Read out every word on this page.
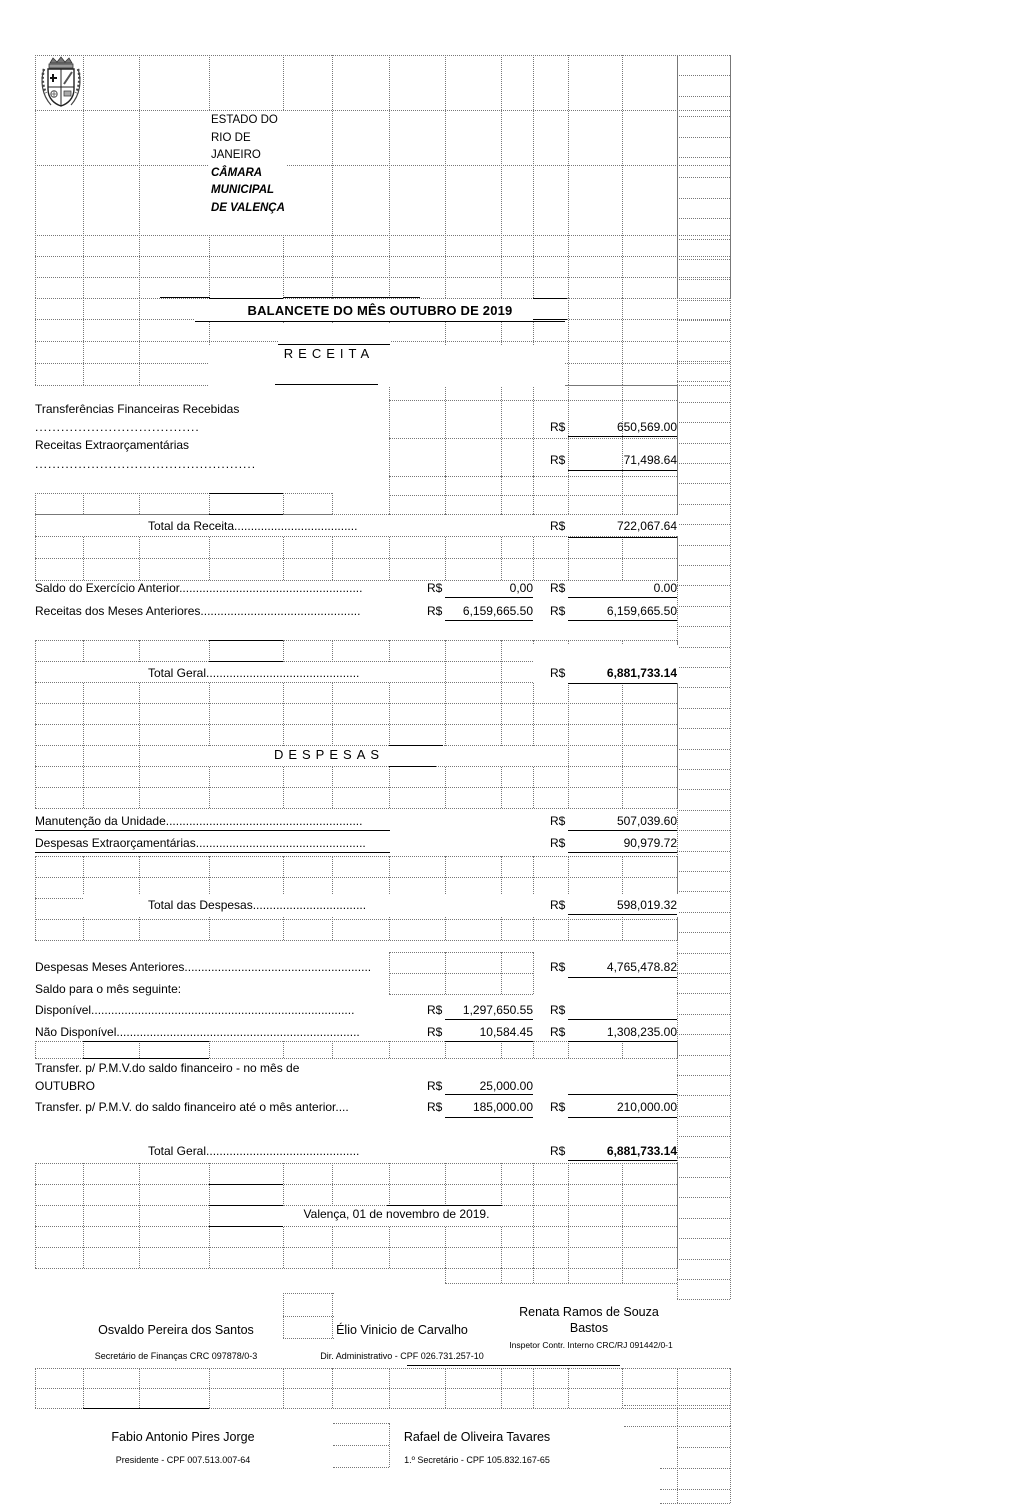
ESTADO DO RIO DE JANEIRO
CÂMARA MUNICIPAL DE VALENÇA
BALANCETE DO MÊS OUTUBRO DE 2019
RECEITA
Transferências Financeiras Recebidas
......................................	R$	650,569.00
Receitas Extraorçamentárias
...................................................	R$	71,498.64
Total da Receita.....................................	R$	722,067.64
Saldo do Exercício Anterior.......................................................	R$	0,00 R$	0.00
Receitas dos Meses Anteriores................................................	R$ 6,159,665.50 R$	6,159,665.50
Total Geral..............................................	R$	6,881,733.14
DESPESAS
Manutenção da Unidade...........................................................	R$	507,039.60
Despesas Extraorçamentárias...................................................	R$	90,979.72
Total das Despesas..................................	R$	598,019.32
Despesas Meses Anteriores........................................................	R$	4,765,478.82
Saldo para o mês seguinte:
Disponível...............................................................................	R$ 1,297,650.55 R$
Não Disponível.........................................................................	R$	10,584.45 R$	1,308,235.00
Transfer. p/ P.M.V.do saldo financeiro - no mês de
OUTUBRO	R$	25,000.00
Transfer. p/ P.M.V. do saldo financeiro até o mês anterior....	R$	185,000.00 R$	210,000.00
Total Geral..............................................	R$	6,881,733.14
Valença, 01 de novembro de 2019.
Osvaldo Pereira dos Santos
Secretário de Finanças CRC 097878/0-3
Élio Vinicio de Carvalho
Dir. Administrativo - CPF 026.731.257-10
Renata Ramos de Souza Bastos
Inspetor Contr. Interno CRC/RJ 091442/0-1
Fabio Antonio Pires Jorge
Presidente - CPF 007.513.007-64
Rafael de Oliveira Tavares
1.º Secretário - CPF 105.832.167-65
